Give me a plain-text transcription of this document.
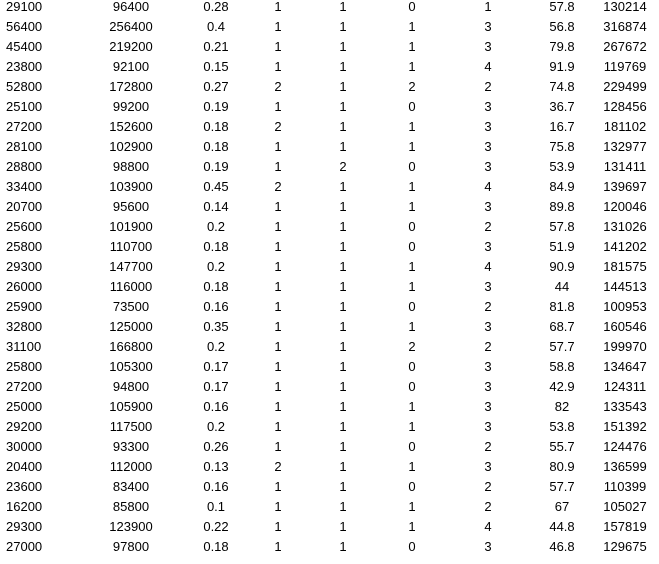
29100	96400	0.28	1	1	0	1	57.8	130214
56400	256400	0.4	1	1	1	3	56.8	316874
45400	219200	0.21	1	1	1	3	79.8	267672
23800	92100	0.15	1	1	1	4	91.9	119769
52800	172800	0.27	2	1	2	2	74.8	229499
25100	99200	0.19	1	1	0	3	36.7	128456
27200	152600	0.18	2	1	1	3	16.7	181102
28100	102900	0.18	1	1	1	3	75.8	132977
28800	98800	0.19	1	2	0	3	53.9	131411
33400	103900	0.45	2	1	1	4	84.9	139697
20700	95600	0.14	1	1	1	3	89.8	120046
25600	101900	0.2	1	1	0	2	57.8	131026
25800	110700	0.18	1	1	0	3	51.9	141202
29300	147700	0.2	1	1	1	4	90.9	181575
26000	116000	0.18	1	1	1	3	44	144513
25900	73500	0.16	1	1	0	2	81.8	100953
32800	125000	0.35	1	1	1	3	68.7	160546
31100	166800	0.2	1	1	2	2	57.7	199970
25800	105300	0.17	1	1	0	3	58.8	134647
27200	94800	0.17	1	1	0	3	42.9	124311
25000	105900	0.16	1	1	1	3	82	133543
29200	117500	0.2	1	1	1	3	53.8	151392
30000	93300	0.26	1	1	0	2	55.7	124476
20400	112000	0.13	2	1	1	3	80.9	136599
23600	83400	0.16	1	1	0	2	57.7	110399
16200	85800	0.1	1	1	1	2	67	105027
29300	123900	0.22	1	1	1	4	44.8	157819
27000	97800	0.18	1	1	0	3	46.8	129675
